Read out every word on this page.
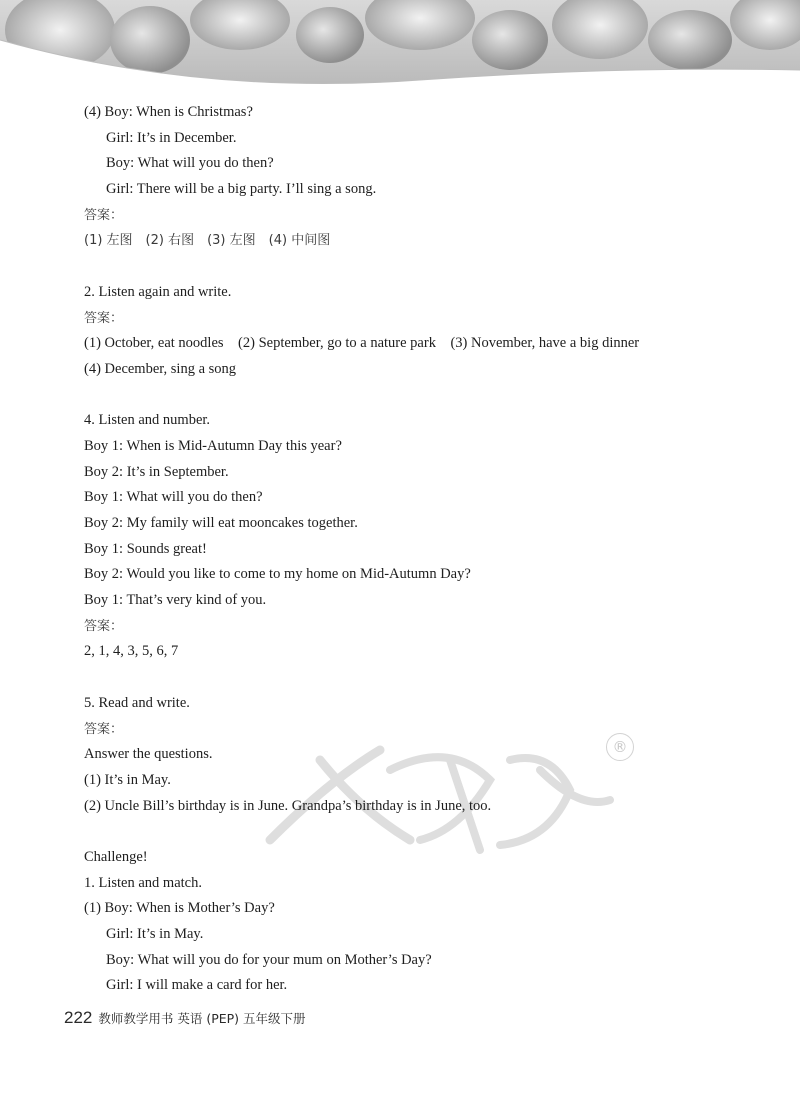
®
(4) Boy: When is Christmas?
Girl: It’s in December.
Boy: What will you do then?
Girl: There will be a big party. I’ll sing a song.
答案：
(1) 左图　(2) 右图　(3) 左图　(4) 中间图
2. Listen again and write.
答案：
(1) October, eat noodles　(2) September, go to a nature park　(3) November, have a big dinner
(4) December, sing a song
4. Listen and number.
Boy 1: When is Mid-Autumn Day this year?
Boy 2: It’s in September.
Boy 1: What will you do then?
Boy 2: My family will eat mooncakes together.
Boy 1: Sounds great!
Boy 2: Would you like to come to my home on Mid-Autumn Day?
Boy 1: That’s very kind of you.
答案：
2, 1, 4, 3, 5, 6, 7
5. Read and write.
答案：
Answer the questions.
(1) It’s in May.
(2) Uncle Bill’s birthday is in June. Grandpa’s birthday is in June, too.
Challenge!
1. Listen and match.
(1) Boy: When is Mother’s Day?
Girl: It’s in May.
Boy: What will you do for your mum on Mother’s Day?
Girl: I will make a card for her.
222 教师教学用书 英语 (PEP) 五年级下册
